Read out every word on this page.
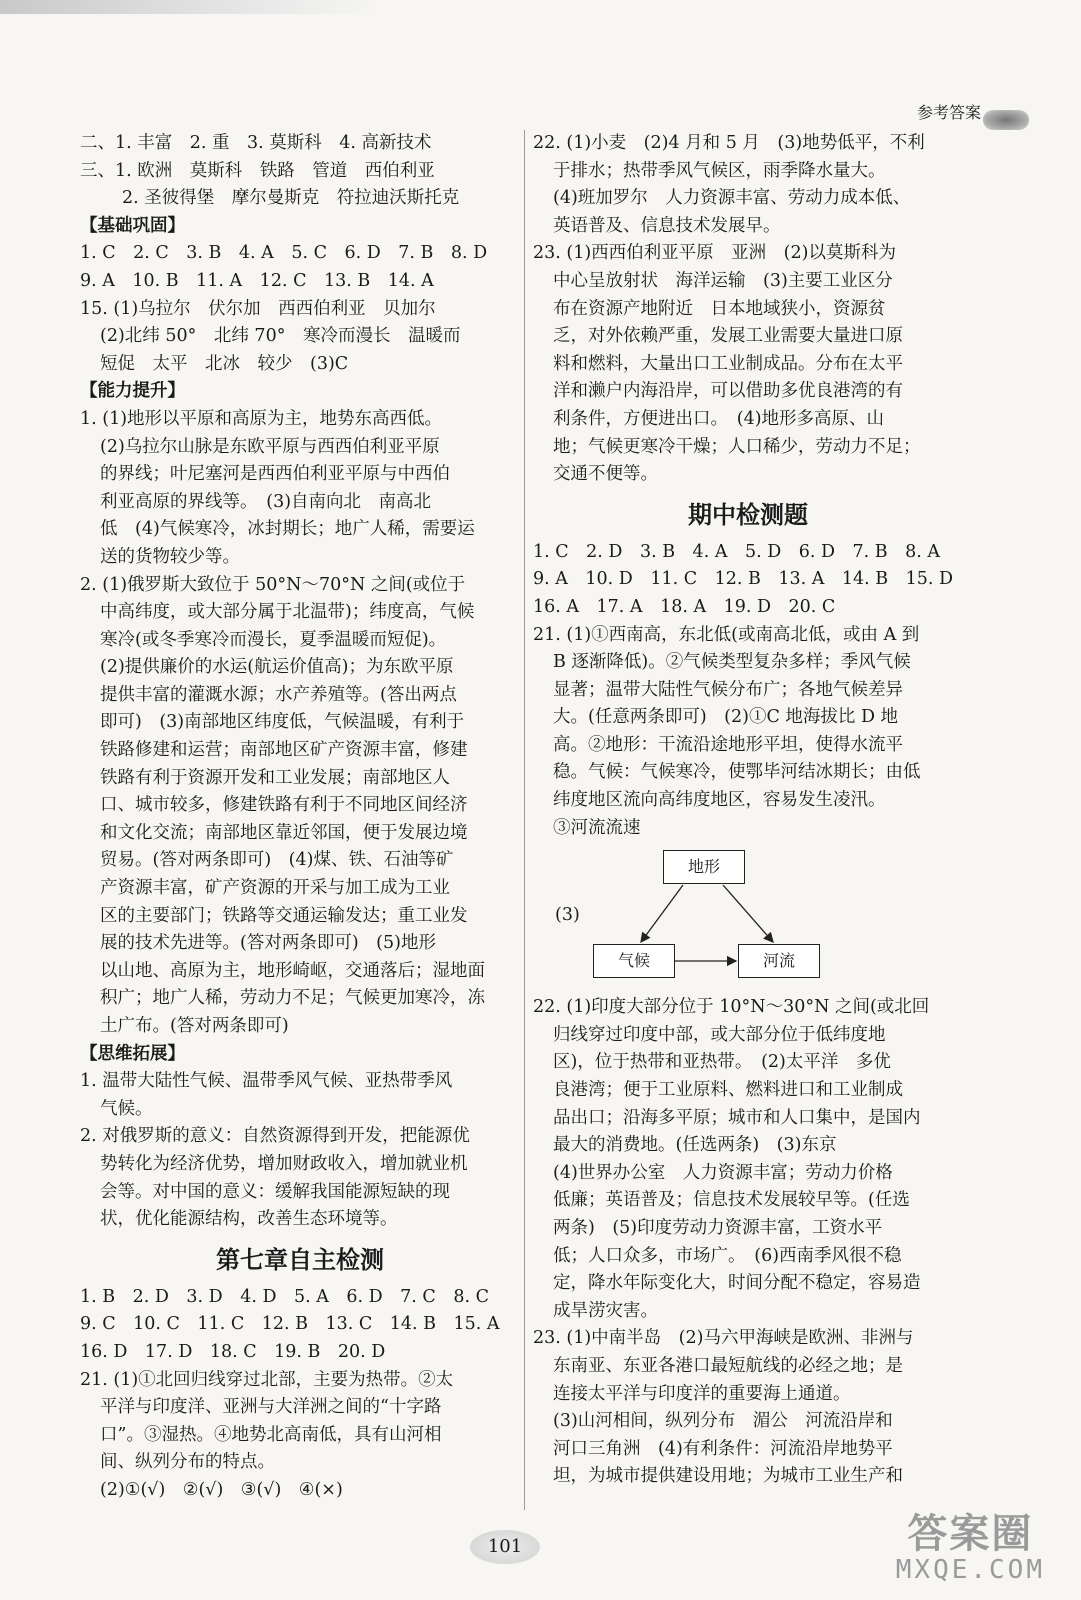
参考答案

二、1. 丰富　2. 重　3. 莫斯科　4. 高新技术

三、1. 欧洲　莫斯科　铁路　管道　西伯利亚

2. 圣彼得堡　摩尔曼斯克　符拉迪沃斯托克

【基础巩固】

1. C　2. C　3. B　4. A　5. C　6. D　7. B　8. D

9. A　10. B　11. A　12. C　13. B　14. A

15. (1)乌拉尔　伏尔加　西西伯利亚　贝加尔

(2)北纬 50°　北纬 70°　寒冷而漫长　温暖而

短促　太平　北冰　较少　(3)C

【能力提升】

1. (1)地形以平原和高原为主，地势东高西低。

(2)乌拉尔山脉是东欧平原与西西伯利亚平原

的界线；叶尼塞河是西西伯利亚平原与中西伯

利亚高原的界线等。　(3)自南向北　南高北

低　(4)气候寒冷，冰封期长；地广人稀，需要运

送的货物较少等。

2. (1)俄罗斯大致位于 50°N～70°N 之间(或位于

中高纬度，或大部分属于北温带)；纬度高，气候

寒冷(或冬季寒冷而漫长，夏季温暖而短促)。

(2)提供廉价的水运(航运价值高)；为东欧平原

提供丰富的灌溉水源；水产养殖等。(答出两点

即可)　(3)南部地区纬度低，气候温暖，有利于

铁路修建和运营；南部地区矿产资源丰富，修建

铁路有利于资源开发和工业发展；南部地区人

口、城市较多，修建铁路有利于不同地区间经济

和文化交流；南部地区靠近邻国，便于发展边境

贸易。(答对两条即可)　(4)煤、铁、石油等矿

产资源丰富，矿产资源的开采与加工成为工业

区的主要部门；铁路等交通运输发达；重工业发

展的技术先进等。(答对两条即可)　(5)地形

以山地、高原为主，地形崎岖，交通落后；湿地面

积广；地广人稀，劳动力不足；气候更加寒冷，冻

土广布。(答对两条即可)

【思维拓展】

1. 温带大陆性气候、温带季风气候、亚热带季风

气候。

2. 对俄罗斯的意义：自然资源得到开发，把能源优

势转化为经济优势，增加财政收入，增加就业机

会等。对中国的意义：缓解我国能源短缺的现

状，优化能源结构，改善生态环境等。

第七章自主检测

1. B　2. D　3. D　4. D　5. A　6. D　7. C　8. C

9. C　10. C　11. C　12. B　13. C　14. B　15. A

16. D　17. D　18. C　19. B　20. D

21. (1)①北回归线穿过北部，主要为热带。②太

平洋与印度洋、亚洲与大洋洲之间的“十字路

口”。③湿热。④地势北高南低，具有山河相

间、纵列分布的特点。

(2)①(√)　②(√)　③(√)　④(×)

22. (1)小麦　(2)4 月和 5 月　(3)地势低平，不利

于排水；热带季风气候区，雨季降水量大。

(4)班加罗尔　人力资源丰富、劳动力成本低、

英语普及、信息技术发展早。

23. (1)西西伯利亚平原　亚洲　(2)以莫斯科为

中心呈放射状　海洋运输　(3)主要工业区分

布在资源产地附近　日本地域狭小，资源贫

乏，对外依赖严重，发展工业需要大量进口原

料和燃料，大量出口工业制成品。分布在太平

洋和濑户内海沿岸，可以借助多优良港湾的有

利条件，方便进出口。　(4)地形多高原、山

地；气候更寒冷干燥；人口稀少，劳动力不足；

交通不便等。

期中检测题

1. C　2. D　3. B　4. A　5. D　6. D　7. B　8. A

9. A　10. D　11. C　12. B　13. A　14. B　15. D

16. A　17. A　18. A　19. D　20. C

21. (1)①西南高，东北低(或南高北低，或由 A 到

B 逐渐降低)。②气候类型复杂多样；季风气候

显著；温带大陆性气候分布广；各地气候差异

大。(任意两条即可)　(2)①C 地海拔比 D 地

高。②地形：干流沿途地形平坦，使得水流平

稳。气候：气候寒冷，使鄂毕河结冰期长；由低

纬度地区流向高纬度地区，容易发生凌汛。

③河流流速

(3)
地形
气候	河流

22. (1)印度大部分位于 10°N～30°N 之间(或北回

归线穿过印度中部，或大部分位于低纬度地

区)，位于热带和亚热带。　(2)太平洋　多优

良港湾；便于工业原料、燃料进口和工业制成

品出口；沿海多平原；城市和人口集中，是国内

最大的消费地。(任选两条)　(3)东京

(4)世界办公室　人力资源丰富；劳动力价格

低廉；英语普及；信息技术发展较早等。(任选

两条)　(5)印度劳动力资源丰富，工资水平

低；人口众多，市场广。　(6)西南季风很不稳

定，降水年际变化大，时间分配不稳定，容易造

成旱涝灾害。

23. (1)中南半岛　(2)马六甲海峡是欧洲、非洲与

东南亚、东亚各港口最短航线的必经之地；是

连接太平洋与印度洋的重要海上通道。

(3)山河相间，纵列分布　湄公　河流沿岸和

河口三角洲　(4)有利条件：河流沿岸地势平

坦，为城市提供建设用地；为城市工业生产和

101	答案圈
MXQE.COM
